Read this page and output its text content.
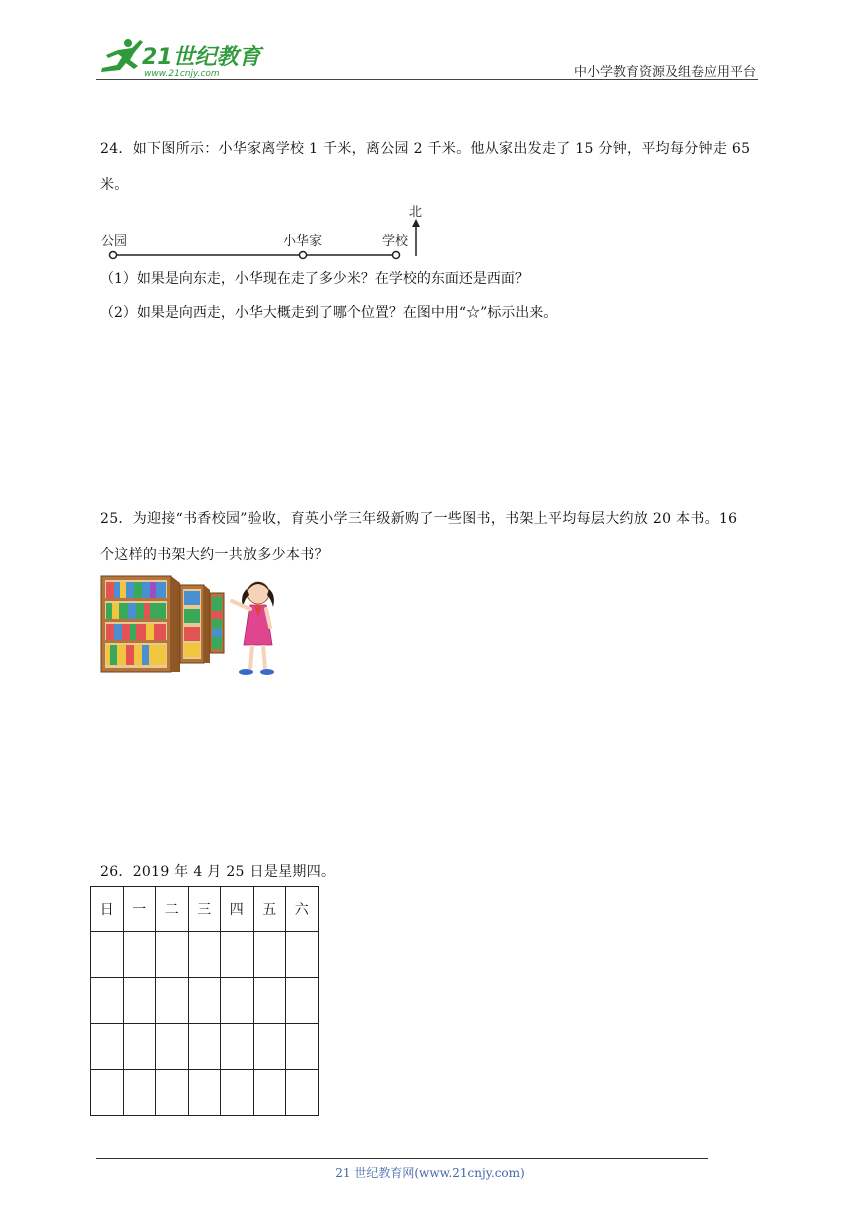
21世纪教育
www.21cnjy.com	中小学教育资源及组卷应用平台
24．如下图所示：小华家离学校 1 千米，离公园 2 千米。他从家出发走了 15 分钟，平均每分钟走 65
米。
北
公园	小华家	学校
（1）如果是向东走，小华现在走了多少米？在学校的东面还是西面？
（2）如果是向西走，小华大概走到了哪个位置？在图中用“☆”标示出来。
25．为迎接“书香校园”验收，育英小学三年级新购了一些图书，书架上平均每层大约放 20 本书。16
个这样的书架大约一共放多少本书？
26．2019 年 4 月 25 日是星期四。
日	一	二	三	四	五	六

21 世纪教育网(www.21cnjy.com)
